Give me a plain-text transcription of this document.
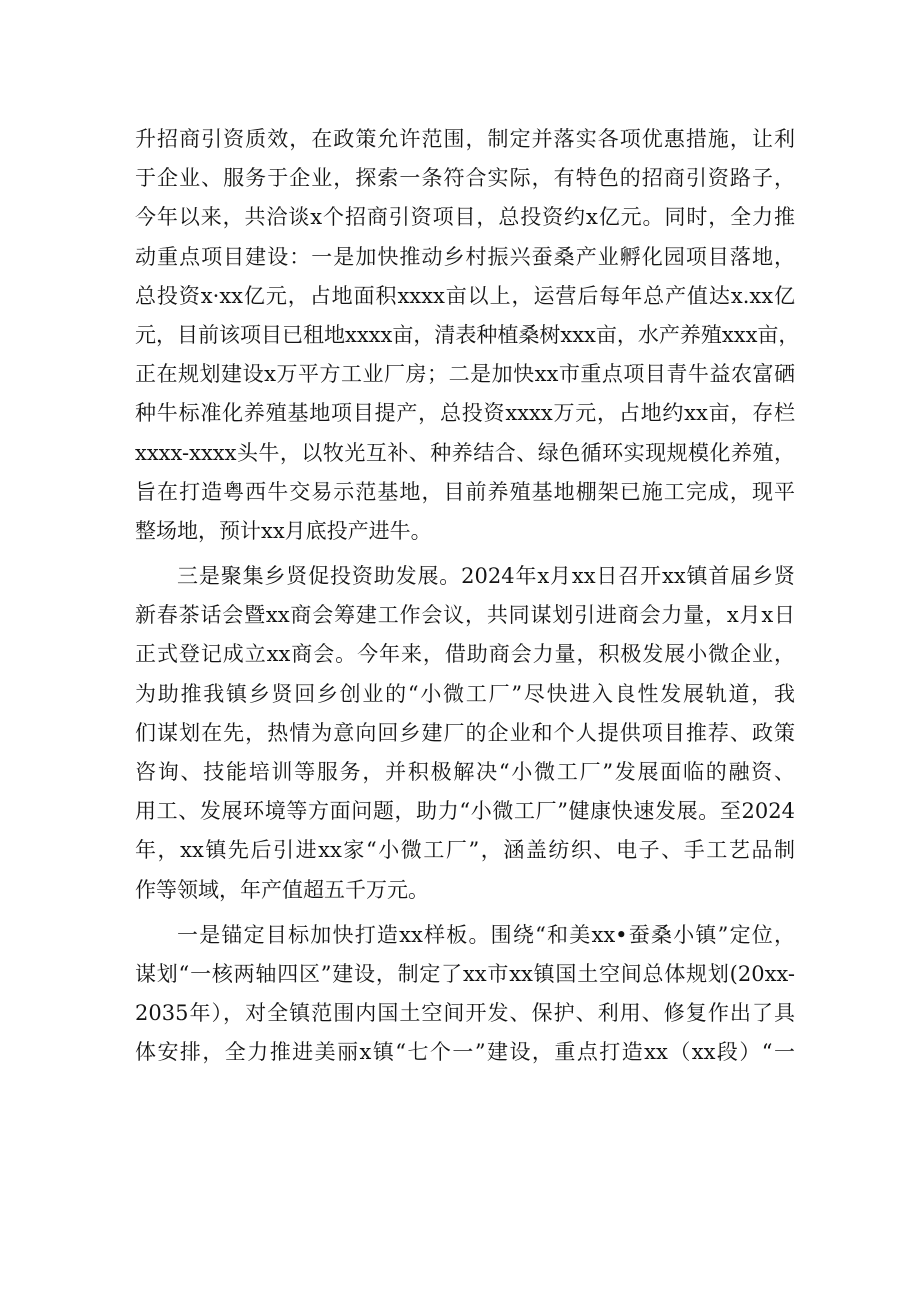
升招商引资质效，在政策允许范围，制定并落实各项优惠措施，让利
于企业、服务于企业，探索一条符合实际，有特色的招商引资路子，
今年以来，共洽谈x个招商引资项目，总投资约x亿元。同时，全力推
动重点项目建设：一是加快推动乡村振兴蚕桑产业孵化园项目落地，
总投资x·xx亿元，占地面积xxxx亩以上，运营后每年总产值达x.xx亿
元，目前该项目已租地xxxx亩，清表种植桑树xxx亩，水产养殖xxx亩，
正在规划建设x万平方工业厂房；二是加快xx市重点项目青牛益农富硒
种牛标准化养殖基地项目提产，总投资xxxx万元，占地约xx亩，存栏
xxxx-xxxx头牛，以牧光互补、种养结合、绿色循环实现规模化养殖，
旨在打造粤西牛交易示范基地，目前养殖基地棚架已施工完成，现平
整场地，预计xx月底投产进牛。
三是聚集乡贤促投资助发展。2024年x月xx日召开xx镇首届乡贤
新春茶话会暨xx商会筹建工作会议，共同谋划引进商会力量，x月x日
正式登记成立xx商会。今年来，借助商会力量，积极发展小微企业，
为助推我镇乡贤回乡创业的“小微工厂”尽快进入良性发展轨道，我
们谋划在先，热情为意向回乡建厂的企业和个人提供项目推荐、政策
咨询、技能培训等服务，并积极解决“小微工厂”发展面临的融资、
用工、发展环境等方面问题，助力“小微工厂”健康快速发展。至2024
年，xx镇先后引进xx家“小微工厂”，涵盖纺织、电子、手工艺品制
作等领域，年产值超五千万元。
一是锚定目标加快打造xx样板。围绕“和美xx•蚕桑小镇”定位，
谋划“一核两轴四区”建设，制定了xx市xx镇国土空间总体规划(20xx-
2035年），对全镇范围内国土空间开发、保护、利用、修复作出了具
体安排，全力推进美丽x镇“七个一”建设，重点打造xx（xx段）“一
